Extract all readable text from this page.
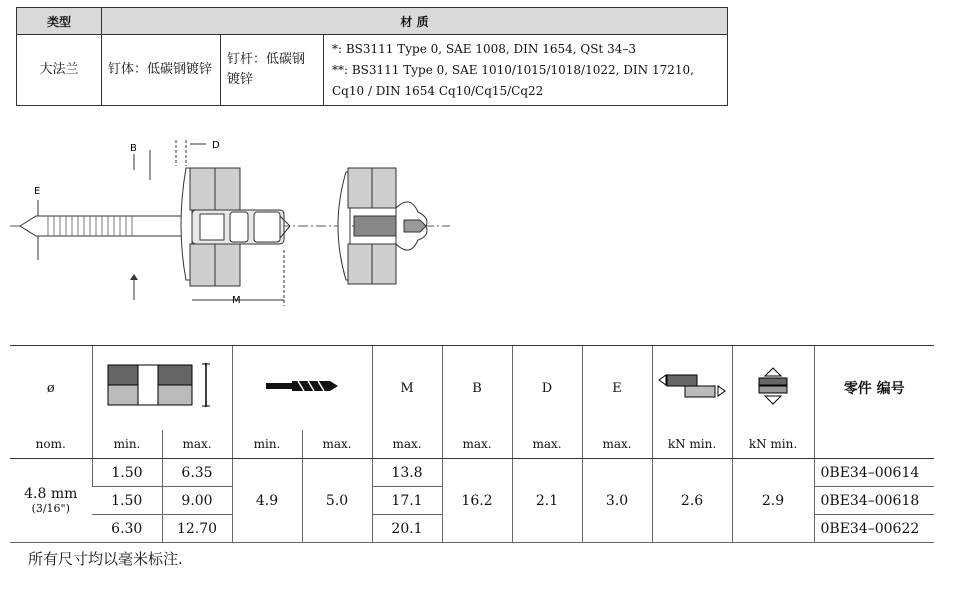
类型	材 质		
大法兰	钉体：低碳钢镀锌	钉杆：低碳钢镀锌	*: BS3111 Type 0, SAE 1008, DIN 1654, QSt 34–3
**: BS3111 Type 0, SAE 1010/1015/1018/1022, DIN 17210,
Cq10 / DIN 1654 Cq10/Cq15/Cq22
B	D
E
M
ø					M	B	D	E			零件 编号
nom.	min.	max.	min.	max.	max.	max.	max.	max.	kN min.	kN min.	

4.8 mm
(3/16")	1.50	6.35	4.9	5.0	13.8	16.2	2.1	3.0	2.6	2.9	0BE34–00614
	1.50	9.00			17.1						0BE34–00618
	6.30	12.70			20.1						0BE34–00622
所有尺寸均以毫米标注.
